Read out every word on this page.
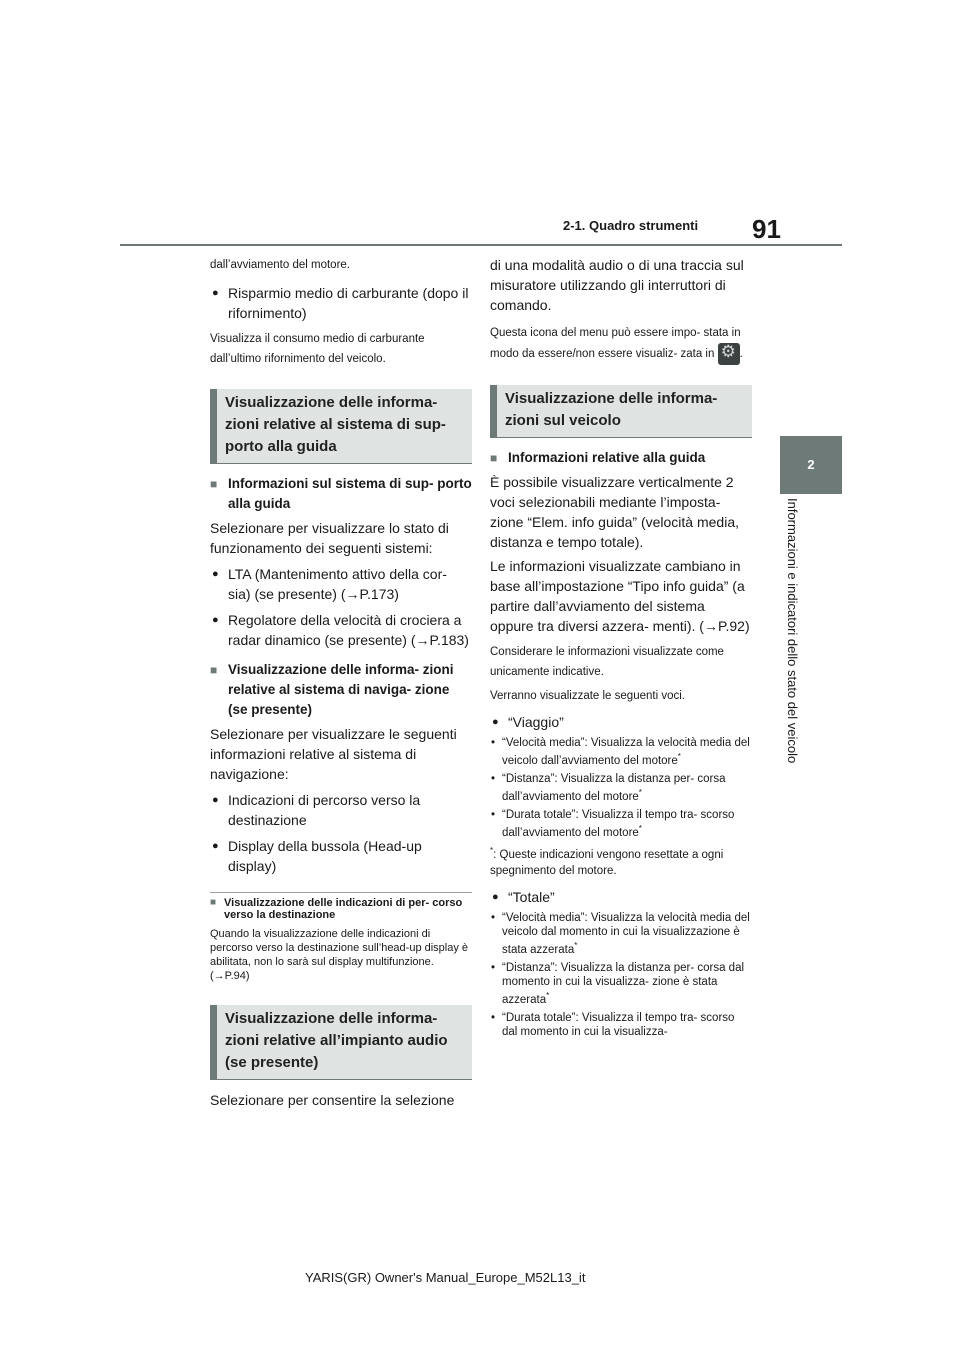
91
2-1. Quadro strumenti
2
Informazioni e indicatori dello stato del veicolo

dall’avviamento del motore.

● Risparmio medio di carburante (dopo il rifornimento)

Visualizza il consumo medio di carburante dall’ultimo rifornimento del veicolo.

Visualizzazione delle informa- zioni relative al sistema di sup- porto alla guida
■ Informazioni sul sistema di sup- porto alla guida

Selezionare per visualizzare lo stato di funzionamento dei seguenti sistemi:

● LTA (Mantenimento attivo della cor- sia) (se presente) (→P.173)
● Regolatore della velocità di crociera a radar dinamico (se presente) (→P.183)
■ Visualizzazione delle informa- zioni relative al sistema di naviga- zione (se presente)

Selezionare per visualizzare le seguenti informazioni relative al sistema di navigazione:

● Indicazioni di percorso verso la destinazione
● Display della bussola (Head-up display)
■ Visualizzazione delle indicazioni di per- corso verso la destinazione

Quando la visualizzazione delle indicazioni di percorso verso la destinazione sull’head-up display è abilitata, non lo sarà sul display multifunzione. (→P.94)

Visualizzazione delle informa- zioni relative all’impianto audio (se presente)

Selezionare per consentire la selezione

di una modalità audio o di una traccia sul misuratore utilizzando gli interruttori di comando.

Questa icona del menu può essere impo- stata in modo da essere/non essere visualiz- zata in ⚙ .

Visualizzazione delle informa- zioni sul veicolo
■ Informazioni relative alla guida

È possibile visualizzare verticalmente 2 voci selezionabili mediante l’imposta- zione “Elem. info guida” (velocità media, distanza e tempo totale).

Le informazioni visualizzate cambiano in base all’impostazione “Tipo info guida” (a partire dall’avviamento del sistema oppure tra diversi azzera- menti). (→P.92)

Considerare le informazioni visualizzate come unicamente indicative.

Verranno visualizzate le seguenti voci.

● “Viaggio”
• “Velocità media”: Visualizza la velocità media del veicolo dall’avviamento del motore*
• “Distanza”: Visualizza la distanza per- corsa dall’avviamento del motore*
• “Durata totale”: Visualizza il tempo tra- scorso dall’avviamento del motore*

*: Queste indicazioni vengono resettate a ogni spegnimento del motore.

● “Totale”
• “Velocità media”: Visualizza la velocità media del veicolo dal momento in cui la visualizzazione è stata azzerata*
• “Distanza”: Visualizza la distanza per- corsa dal momento in cui la visualizza- zione è stata azzerata*
• “Durata totale”: Visualizza il tempo tra- scorso dal momento in cui la visualizza-
YARIS(GR) Owner's Manual_Europe_M52L13_it
